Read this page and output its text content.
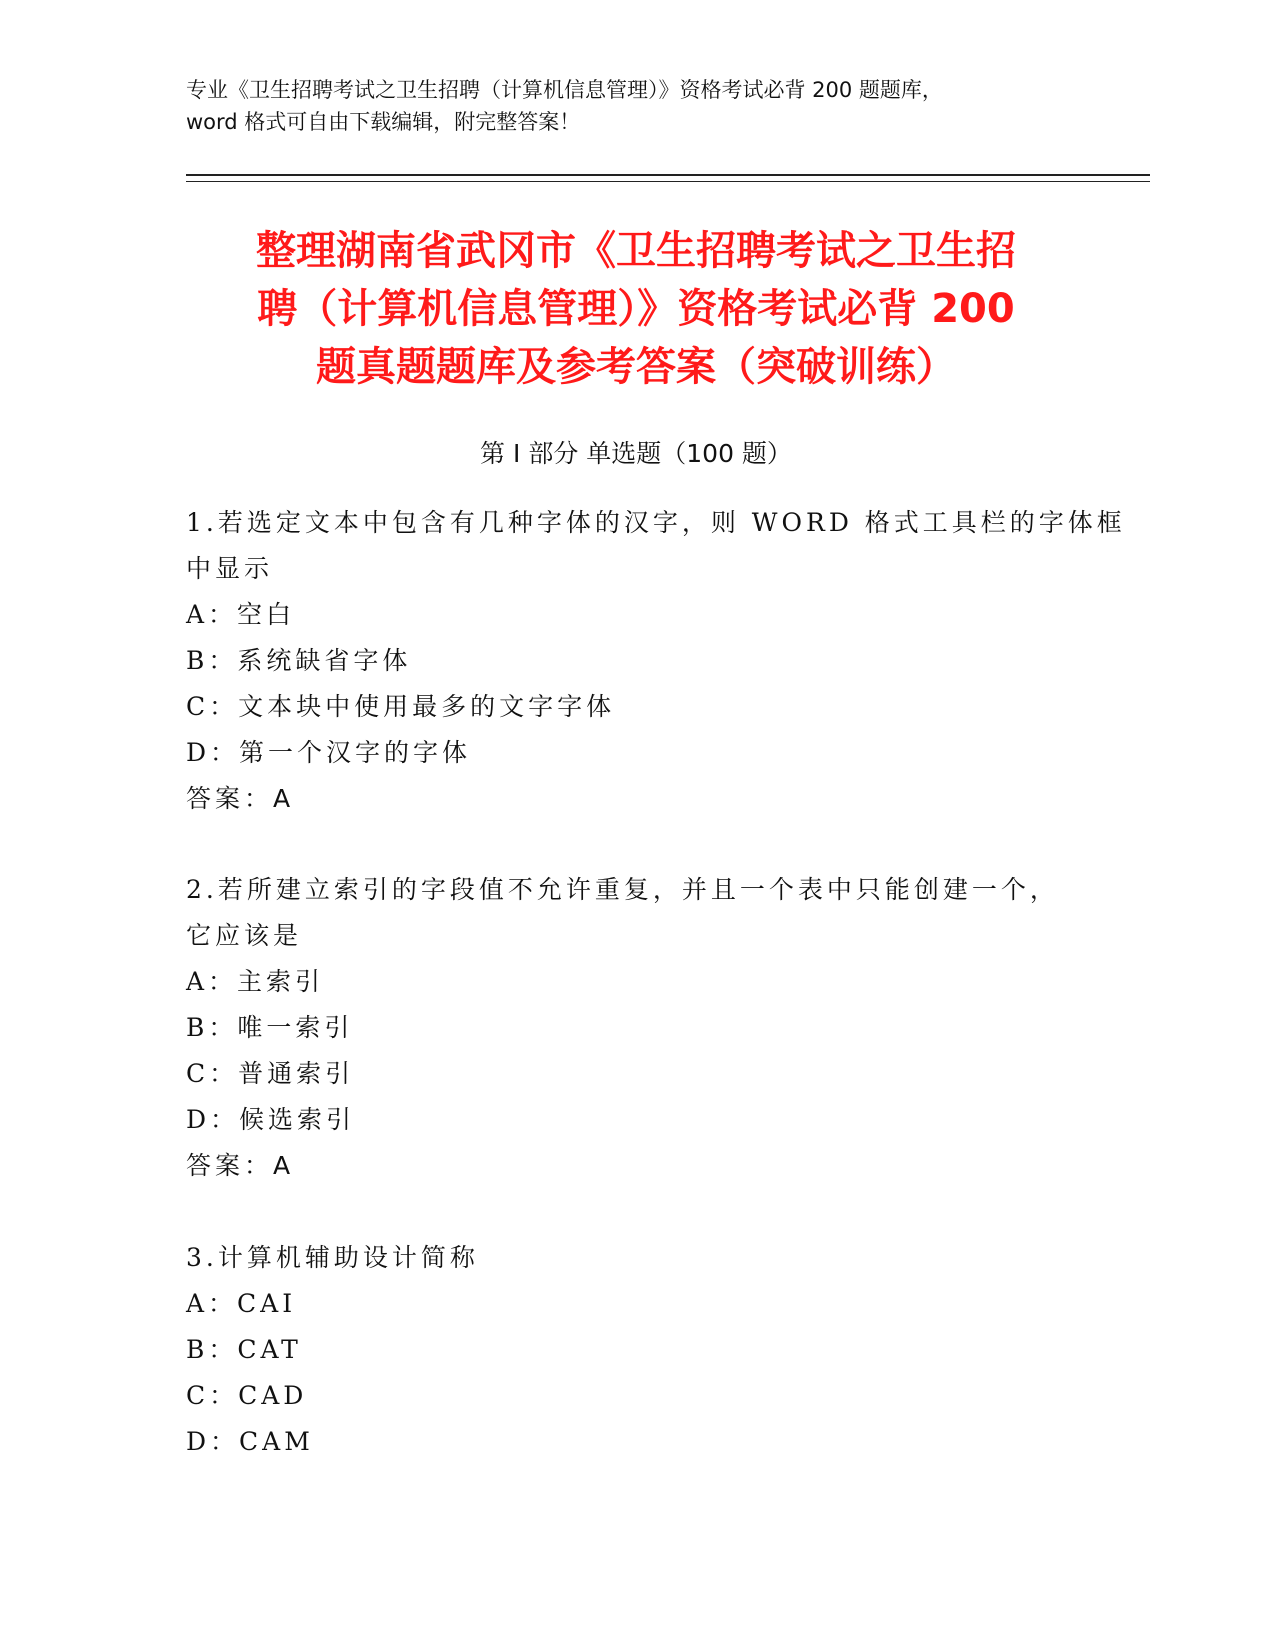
专业《卫生招聘考试之卫生招聘（计算机信息管理）》资格考试必背 200 题题库，
word 格式可自由下载编辑，附完整答案！
整理湖南省武冈市《卫生招聘考试之卫生招
聘（计算机信息管理）》资格考试必背 200
题真题题库及参考答案（突破训练）
第 I 部分 单选题（100 题）
1.若选定文本中包含有几种字体的汉字，则 WORD 格式工具栏的字体框
中显示
A：空白
B：系统缺省字体
C：文本块中使用最多的文字字体
D：第一个汉字的字体
答案：A
2.若所建立索引的字段值不允许重复，并且一个表中只能创建一个，
它应该是
A：主索引
B：唯一索引
C：普通索引
D：候选索引
答案：A
3.计算机辅助设计简称
A：CAI
B：CAT
C：CAD
D：CAM
